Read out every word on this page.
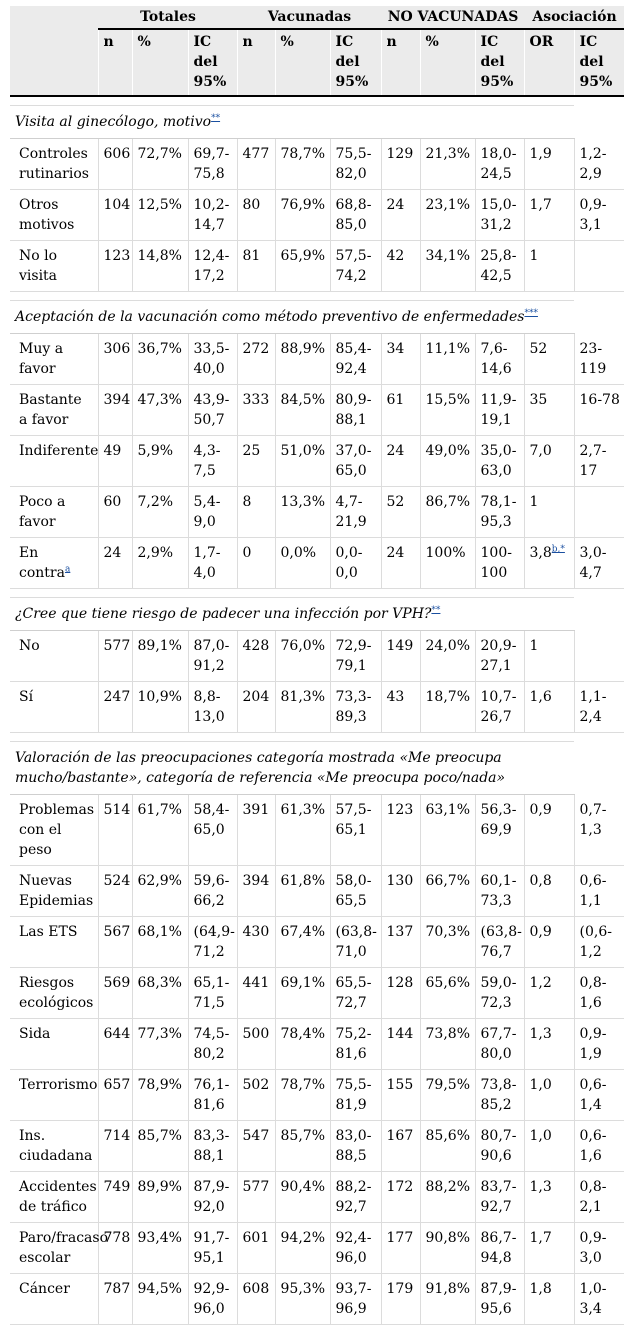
	Totales			Vacunadas			NO VACUNADAS			Asociación	
	n	%	IC del 95%	n	%	IC del 95%	n	%	IC del 95%	OR	IC del 95%

Visita al ginecólogo, motivo**
Controles rutinarios	606	72,7%	69,7-75,8	477	78,7%	75,5-82,0	129	21,3%	18,0-24,5	1,9	1,2-2,9
Otros motivos	104	12,5%	10,2-14,7	80	76,9%	68,8-85,0	24	23,1%	15,0-31,2	1,7	0,9-3,1
No lo visita	123	14,8%	12,4-17,2	81	65,9%	57,5-74,2	42	34,1%	25,8-42,5	1	

Aceptación de la vacunación como método preventivo de enfermedades***
Muy a favor	306	36,7%	33,5-40,0	272	88,9%	85,4-92,4	34	11,1%	7,6-14,6	52	23-119
Bastante a favor	394	47,3%	43,9-50,7	333	84,5%	80,9-88,1	61	15,5%	11,9-19,1	35	16-78
Indiferente	49	5,9%	4,3-7,5	25	51,0%	37,0-65,0	24	49,0%	35,0-63,0	7,0	2,7-17
Poco a favor	60	7,2%	5,4-9,0	8	13,3%	4,7-21,9	52	86,7%	78,1-95,3	1	
En contra$^a$	24	2,9%	1,7-4,0	0	0,0%	0,0-0,0	24	100%	100-100	$3,8^{b,*}$	3,0-4,7

¿Cree que tiene riesgo de padecer una infección por VPH?**
No	577	89,1%	87,0-91,2	428	76,0%	72,9-79,1	149	24,0%	20,9-27,1	1	
Sí	247	10,9%	8,8-13,0	204	81,3%	73,3-89,3	43	18,7%	10,7-26,7	1,6	1,1-2,4

Valoración de las preocupaciones categoría mostrada «Me preocupa mucho/bastante», categoría de referencia «Me preocupa poco/nada»											
Problemas con el peso	514	61,7%	58,4-65,0	391	61,3%	57,5-65,1	123	63,1%	56,3-69,9	0,9	0,7-1,3
Nuevas Epidemias	524	62,9%	59,6-66,2	394	61,8%	58,0-65,5	130	66,7%	60,1-73,3	0,8	0,6-1,1
Las ETS	567	68,1%	(64,9-71,2	430	67,4%	(63,8-71,0	137	70,3%	(63,8-76,7	0,9	(0,6-1,2
Riesgos ecológicos	569	68,3%	65,1-71,5	441	69,1%	65,5-72,7	128	65,6%	59,0-72,3	1,2	0,8-1,6
Sida	644	77,3%	74,5-80,2	500	78,4%	75,2-81,6	144	73,8%	67,7-80,0	1,3	0,9-1,9
Terrorismo	657	78,9%	76,1-81,6	502	78,7%	75,5-81,9	155	79,5%	73,8-85,2	1,0	0,6-1,4
Ins. ciudadana	714	85,7%	83,3-88,1	547	85,7%	83,0-88,5	167	85,6%	80,7-90,6	1,0	0,6-1,6
Accidentes de tráfico	749	89,9%	87,9-92,0	577	90,4%	88,2-92,7	172	88,2%	83,7-92,7	1,3	0,8-2,1
Paro/fracaso escolar	778	93,4%	91,7-95,1	601	94,2%	92,4-96,0	177	90,8%	86,7-94,8	1,7	0,9-3,0
Cáncer	787	94,5%	92,9-96,0	608	95,3%	93,7-96,9	179	91,8%	87,9-95,6	1,8	1,0-3,4
